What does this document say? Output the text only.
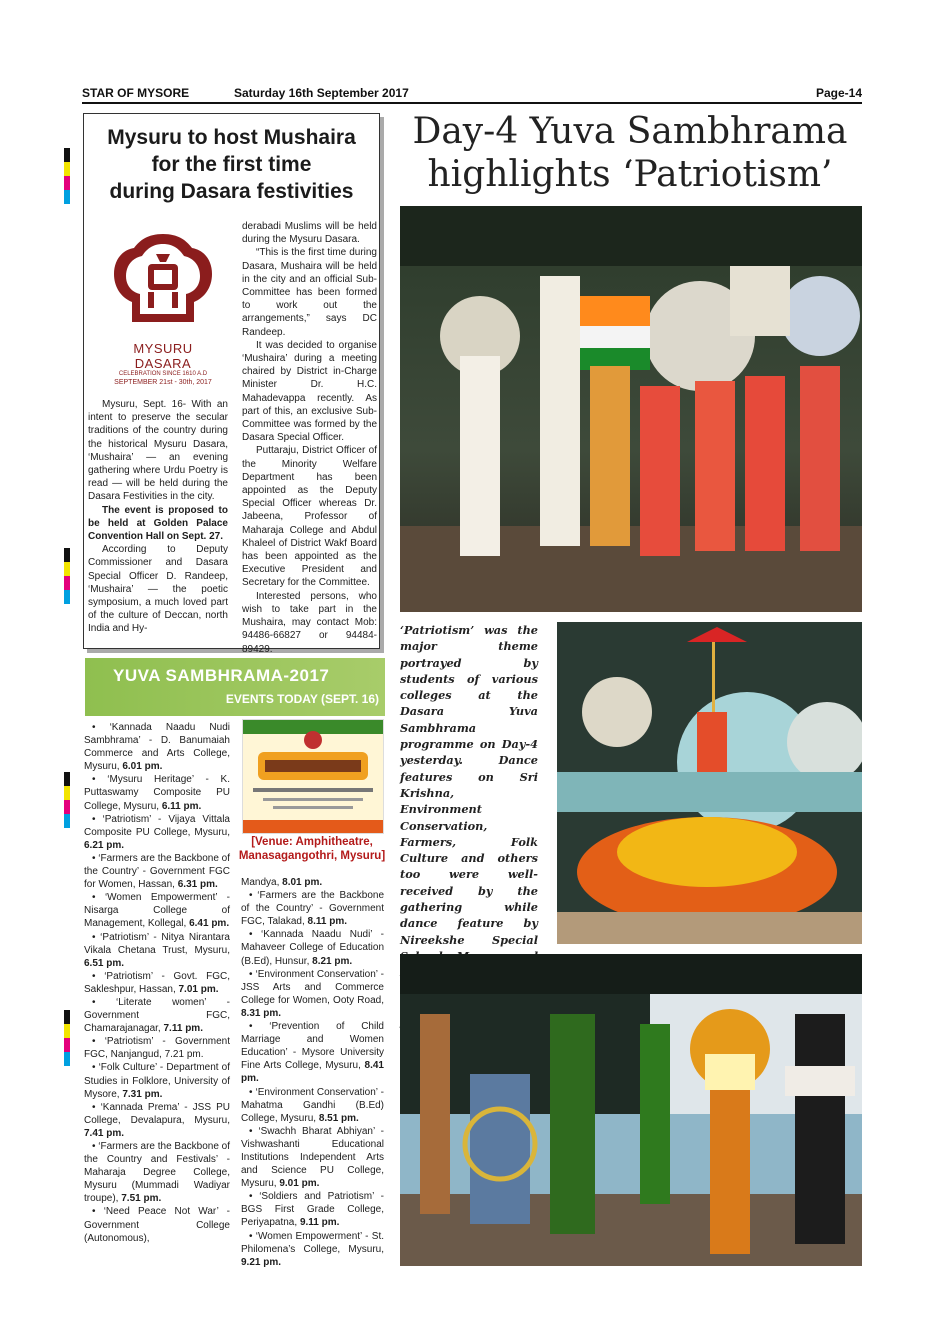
STAR OF MYSORE	Saturday 16th September 2017	Page-14
Mysuru to host Mushaira
for the first time
during Dasara festivities
MYSURU DASARA
CELEBRATION SINCE 1610 A.D
SEPTEMBER 21st - 30th, 2017

Mysuru, Sept. 16- With an intent to preserve the secular traditions of the country during the historical Mysuru Dasara, ‘Mushaira’ — an evening gathering where Urdu Poetry is read — will be held during the Dasara Festivities in the city.

The event is proposed to be held at Golden Palace Convention Hall on Sept. 27.

According to Deputy Commissioner and Dasara Special Officer D. Randeep, ‘Mushaira’ — the poetic symposium, a much loved part of the culture of Deccan, north India and Hy-

derabadi Muslims will be held during the Mysuru Dasara.

“This is the first time during Dasara, Mushaira will be held in the city and an official Sub-Committee has been formed to work out the arrangements,” says DC Randeep.

It was decided to organise ‘Mushaira’ during a meeting chaired by District in-Charge Minister Dr. H.C. Mahadevappa recently. As part of this, an exclusive Sub-Committee was formed by the Dasara Special Officer.

Puttaraju, District Officer of the Minority Welfare Department has been appointed as the Deputy Special Officer whereas Dr. Jabeena, Professor of Maharaja College and Abdul Khaleel of District Wakf Board has been appointed as the Executive President and Secretary for the Committee.

Interested persons, who wish to take part in the Mushaira, may contact Mob: 94486-66827 or 94484-89429.

Day-4 Yuva Sambhrama
highlights ‘Patriotism’
‘Patriotism’ was the major theme portrayed by students of various colleges at the Dasara Yuva Sambhrama programme on Day-4 yesterday. Dance features on Sri Krishna, Environment Conservation, Farmers, Folk Culture and others too were well-received by the gathering while dance feature by Nireekshe Special
YUVA SAMBHRAMA-2017
EVENTS TODAY (SEPT. 16)

• ‘Kannada Naadu Nudi Sambhrama’ - D. Banumaiah Commerce and Arts College, Mysuru, 6.01 pm.

• ‘Mysuru Heritage’ - K. Puttaswamy Composite PU College, Mysuru, 6.11 pm.

• ‘Patriotism’ - Vijaya Vittala Composite PU College, Mysuru, 6.21 pm.

• ‘Farmers are the Backbone of the Country’ - Government FGC for Women, Hassan, 6.31 pm.

• ‘Women Empowerment’ - Nisarga College of Management, Kollegal, 6.41 pm.

• ‘Patriotism’ - Nitya Nirantara Vikala Chetana Trust, Mysuru, 6.51 pm.

• ‘Patriotism’ - Govt. FGC, Sakleshpur, Hassan, 7.01 pm.

• ‘Literate women’ - Government FGC, Chamarajanagar, 7.11 pm.

• ‘Patriotism’ - Government FGC, Nanjangud, 7.21 pm.

• ‘Folk Culture’ - Department of Studies in Folklore, University of Mysore, 7.31 pm.

• ‘Kannada Prema’ - JSS PU College, Devalapura, Mysuru, 7.41 pm.

• ‘Farmers are the Backbone of the Country and Festivals’ - Maharaja Degree College, Mysuru (Mummadi Wadiyar troupe), 7.51 pm.

• ‘Need Peace Not War’ - Government College (Autonomous),

[Venue: Amphitheatre,
Manasagangothri, Mysuru]

Mandya, 8.01 pm.

• ‘Farmers are the Backbone of the Country’ - Government FGC, Talakad, 8.11 pm.

• ‘Kannada Naadu Nudi’ - Mahaveer College of Education (B.Ed), Hunsur, 8.21 pm.

• ‘Environment Conservation’ - JSS Arts and Commerce College for Women, Ooty Road, 8.31 pm.

• ‘Prevention of Child Marriage and Women Education’ - Mysore University Fine Arts College, Mysuru, 8.41 pm.

• ‘Environment Conservation’ - Mahatma Gandhi (B.Ed) College, Mysuru, 8.51 pm.

• ‘Swachh Bharat Abhiyan’ - Vishwashanti Educational Institutions Independent Arts and Science PU College, Mysuru, 9.01 pm.

• ‘Soldiers and Patriotism’ - BGS First Grade College, Periyapatna, 9.11 pm.

• ‘Women Empowerment’ - St. Philomena’s College, Mysuru, 9.21 pm.
